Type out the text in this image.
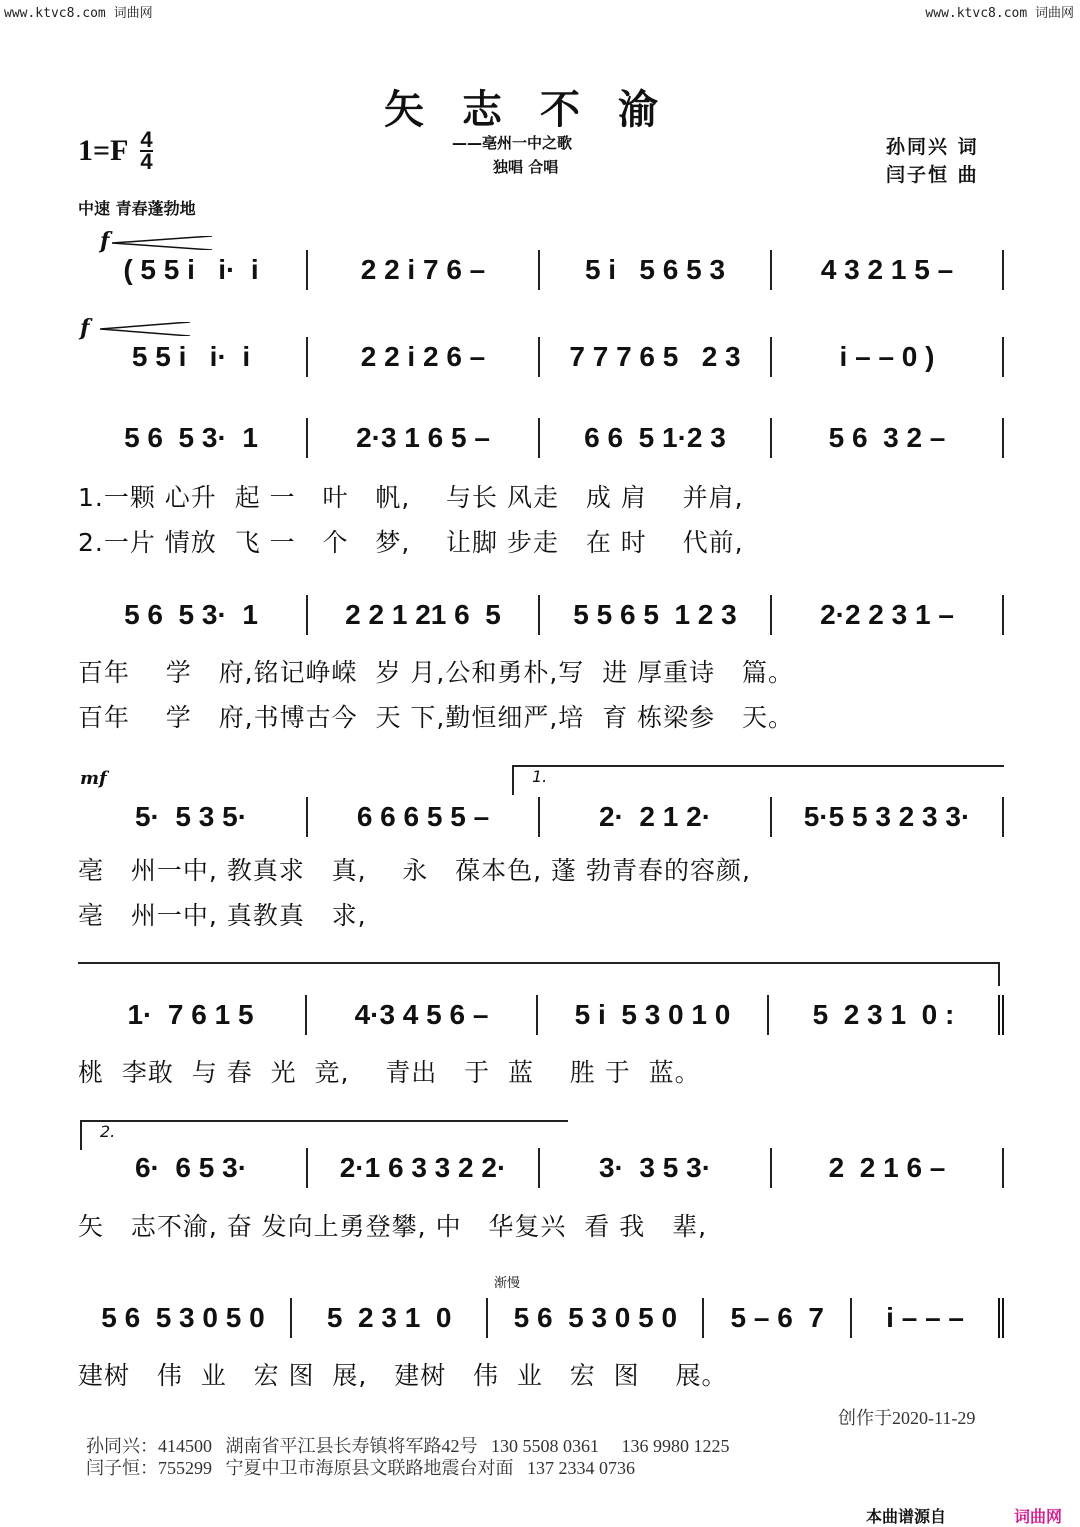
www.ktvc8.com 词曲网	www.ktvc8.com 词曲网
矢志不渝
$1=F \frac{4}{4}$	——亳州一中之歌
独唱 合唱
孙同兴 词
闫子恒 曲
中速 青春蓬勃地
f
f
mf	1.
2.
渐慢
( 5 5 i   i·  i	2 2 i 7 6 –	5 i   5 6 5 3	4 3 2 1 5 –
5 5 i   i·  i	2 2 i 2 6 –	7 7 7 6 5   2 3	i – – 0 )
5 6  5 3·  1	2·3 1 6 5 –	6 6  5 1·2 3	5 6  3 2 –
1.一颗 心升  起 一   叶   帆,    与长 风走   成 肩    并肩,
2.一片 情放  飞 一   个   梦,    让脚 步走   在 时    代前,
5 6  5 3·  1	2 2 1 21 6  5	5 5 6 5  1 2 3	2·2 2 3 1 –
百年    学   府,铭记峥嵘  岁 月,公和勇朴,写  进 厚重诗   篇。
百年    学   府,书博古今  天 下,勤恒细严,培  育 栋梁参   天。
5·  5 3 5·	6 6 6 5 5 –	2·  2 1 2·	5·5 5 3 2 3 3·
亳   州一中, 教真求   真,    永   葆本色, 蓬 勃青春的容颜,
亳   州一中, 真教真   求,
1·  7 6 1 5	4·3 4 5 6 –	5 i  5 3 0 1 0	5  2 3 1  0 :
桃  李敢  与 春  光  竞,    青出   于  蓝    胜 于  蓝。
6·  6 5 3·	2·1 6 3 3 2 2·	3·  3 5 3·	2  2 1 6 –
矢   志不渝, 奋 发向上勇登攀, 中   华复兴  看 我   辈,
5 6  5 3 0 5 0	5  2 3 1  0	5 6  5 3 0 5 0	5 – 6  7	i – – –
建树   伟  业   宏 图  展,   建树   伟  业   宏  图    展。
创作于2020-11-29
孙同兴：414500   湖南省平江县长寿镇将军路42号   130 5508 0361     136 9980 1225
闫子恒：755299   宁夏中卫市海原县文联路地震台对面   137 2334 0736
本曲谱源自	词曲网
